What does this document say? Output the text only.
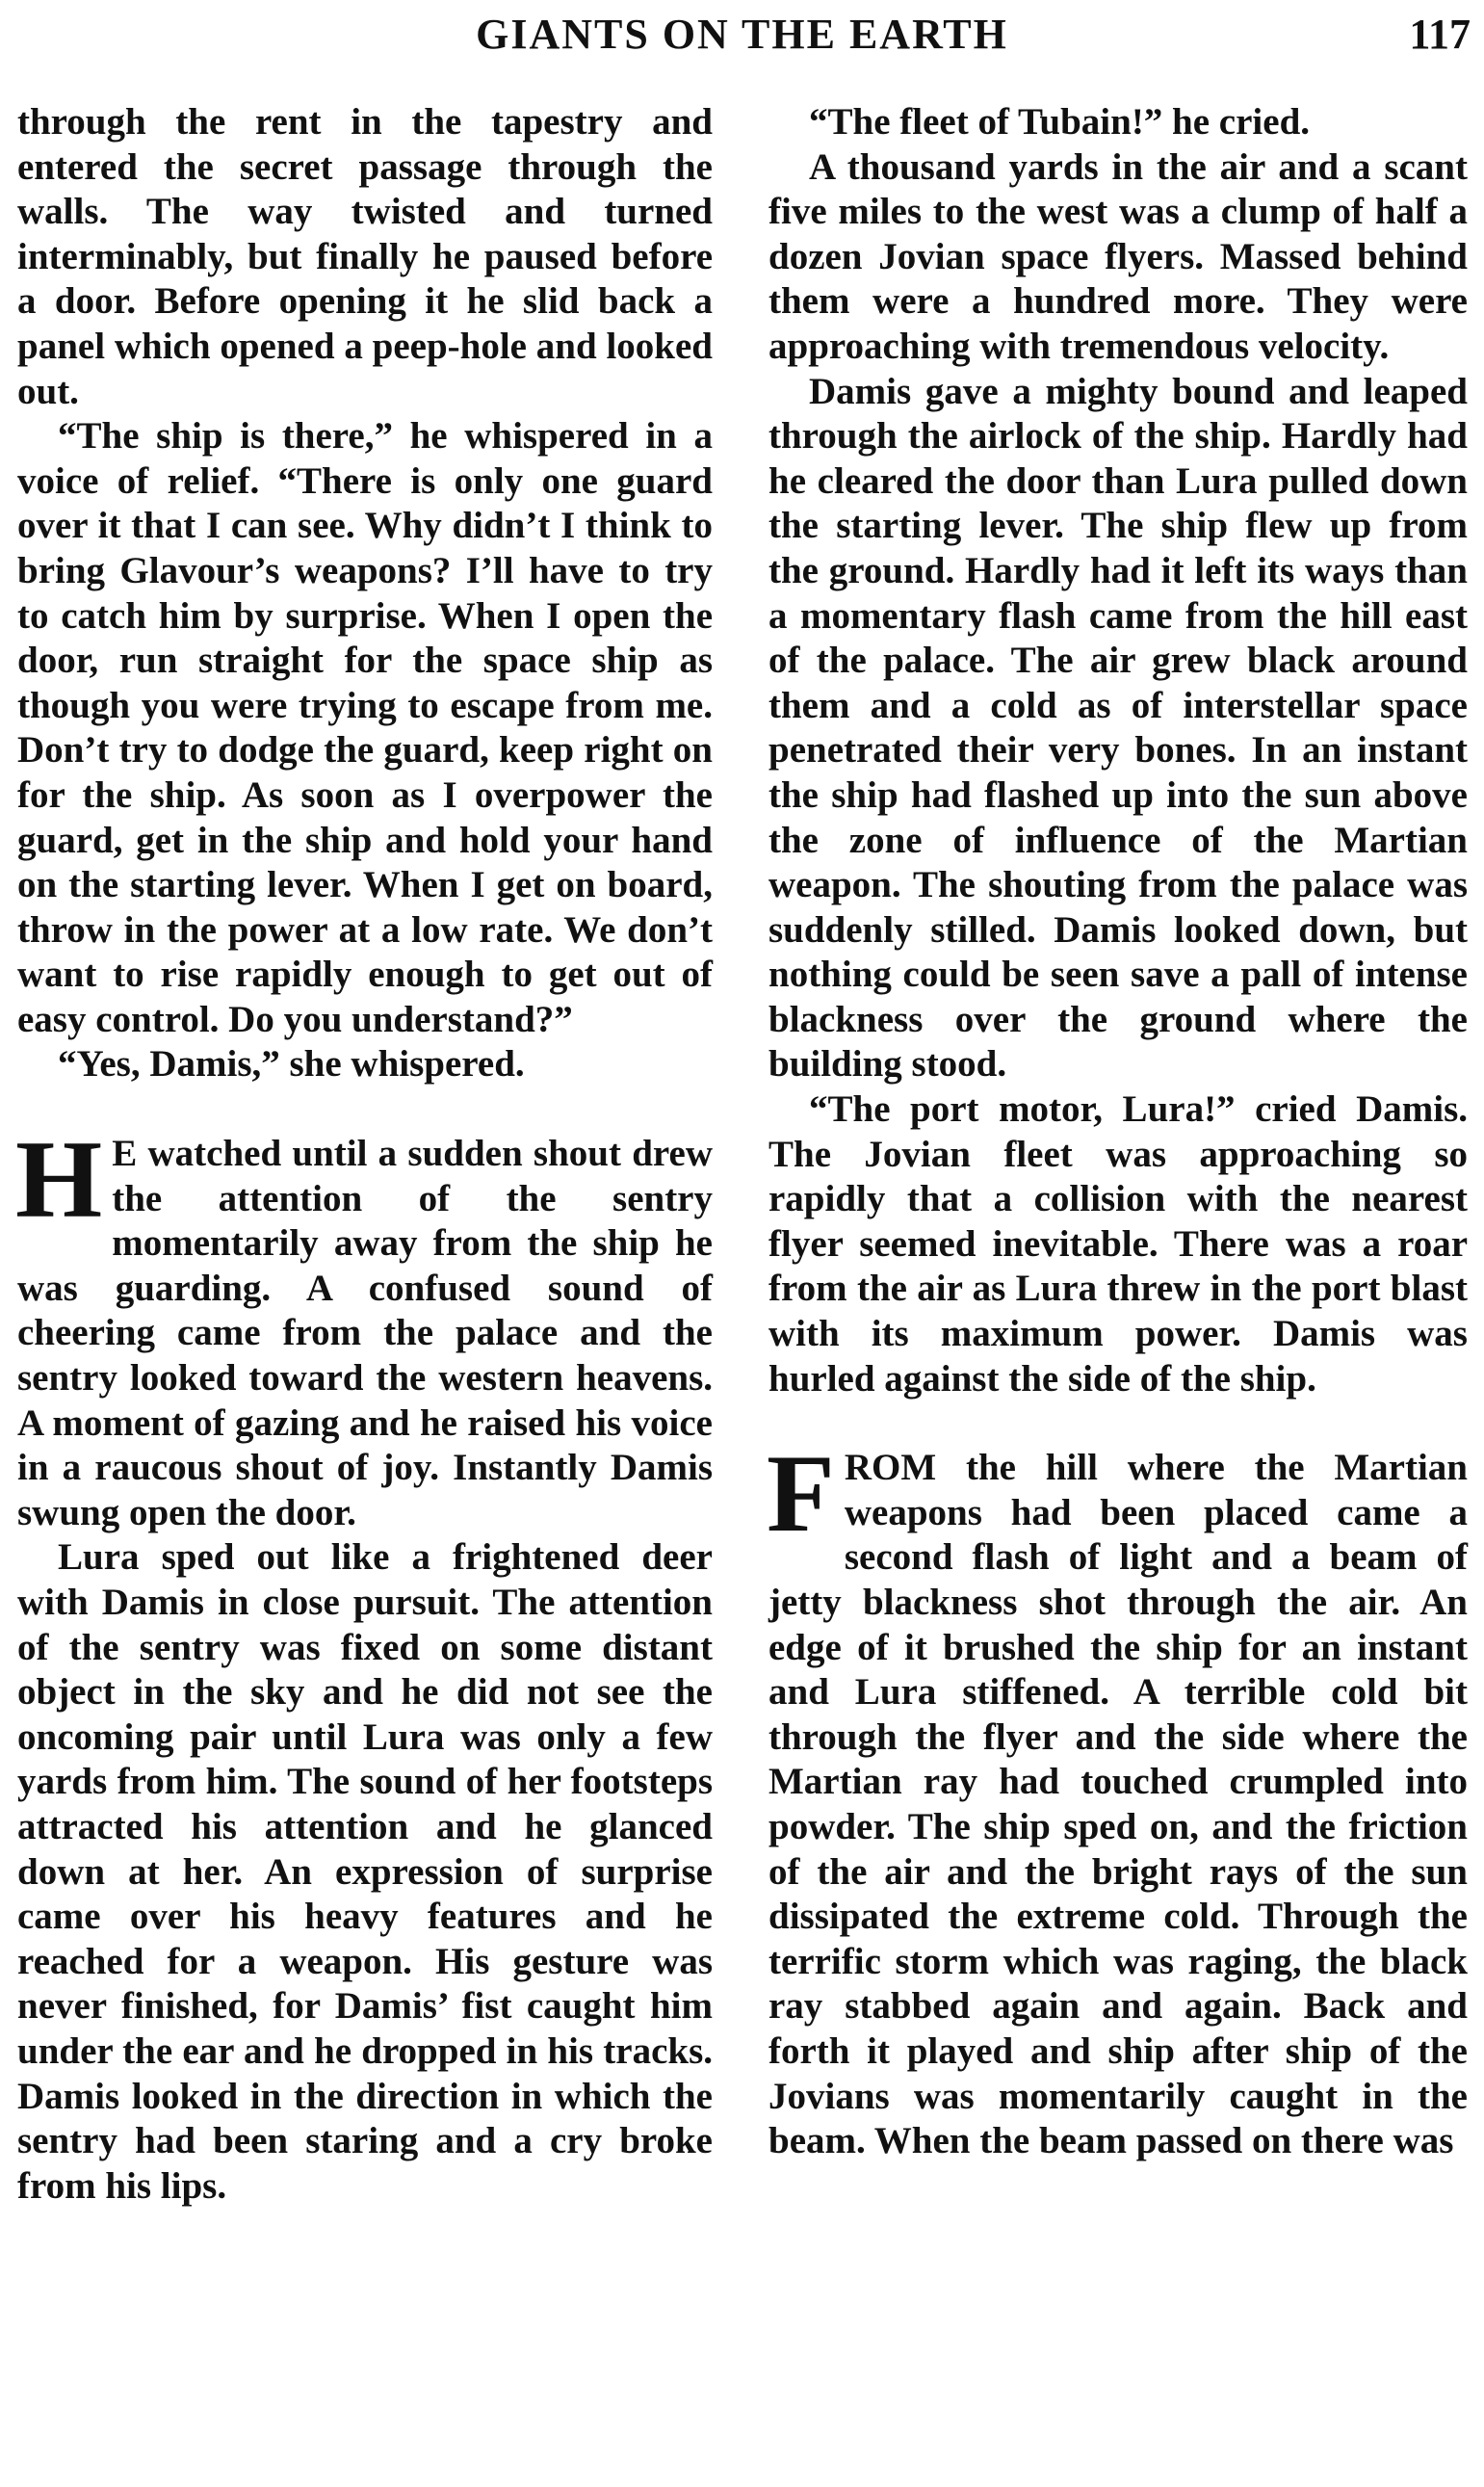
GIANTS ON THE EARTH	117

through the rent in the tapestry and entered the secret passage through the walls. The way twisted and turned interminably, but finally he paused before a door. Before opening it he slid back a panel which opened a peep-hole and looked out.

“The ship is there,” he whispered in a voice of relief. “There is only one guard over it that I can see. Why didn’t I think to bring Glavour’s weapons? I’ll have to try to catch him by surprise. When I open the door, run straight for the space ship as though you were trying to escape from me. Don’t try to dodge the guard, keep right on for the ship. As soon as I overpower the guard, get in the ship and hold your hand on the starting lever. When I get on board, throw in the power at a low rate. We don’t want to rise rapidly enough to get out of easy control. Do you understand?”

“Yes, Damis,” she whispered.

H E watched until a sudden shout drew the attention of the sentry momentarily away from the ship he was guarding. A confused sound of cheering came from the palace and the sentry looked toward the western heavens. A moment of gazing and he raised his voice in a raucous shout of joy. Instantly Damis swung open the door.

Lura sped out like a frightened deer with Damis in close pursuit. The attention of the sentry was fixed on some distant object in the sky and he did not see the oncoming pair until Lura was only a few yards from him. The sound of her footsteps attracted his attention and he glanced down at her. An expression of surprise came over his heavy features and he reached for a weapon. His gesture was never finished, for Damis’ fist caught him under the ear and he dropped in his tracks. Damis looked in the direction in which the sentry had been staring and a cry broke from his lips.

“The fleet of Tubain!” he cried.

A thousand yards in the air and a scant five miles to the west was a clump of half a dozen Jovian space flyers. Massed behind them were a hundred more. They were approaching with tremendous velocity.

Damis gave a mighty bound and leaped through the airlock of the ship. Hardly had he cleared the door than Lura pulled down the starting lever. The ship flew up from the ground. Hardly had it left its ways than a momentary flash came from the hill east of the palace. The air grew black around them and a cold as of interstellar space penetrated their very bones. In an instant the ship had flashed up into the sun above the zone of influence of the Martian weapon. The shouting from the palace was suddenly stilled. Damis looked down, but nothing could be seen save a pall of intense blackness over the ground where the building stood.

“The port motor, Lura!” cried Damis. The Jovian fleet was approaching so rapidly that a collision with the nearest flyer seemed inevitable. There was a roar from the air as Lura threw in the port blast with its maximum power. Damis was hurled against the side of the ship.

F ROM the hill where the Martian weapons had been placed came a second flash of light and a beam of jetty blackness shot through the air. An edge of it brushed the ship for an instant and Lura stiffened. A terrible cold bit through the flyer and the side where the Martian ray had touched crumpled into powder. The ship sped on, and the friction of the air and the bright rays of the sun dissipated the extreme cold. Through the terrific storm which was raging, the black ray stabbed again and again. Back and forth it played and ship after ship of the Jovians was momentarily caught in the beam. When the beam passed on there was
